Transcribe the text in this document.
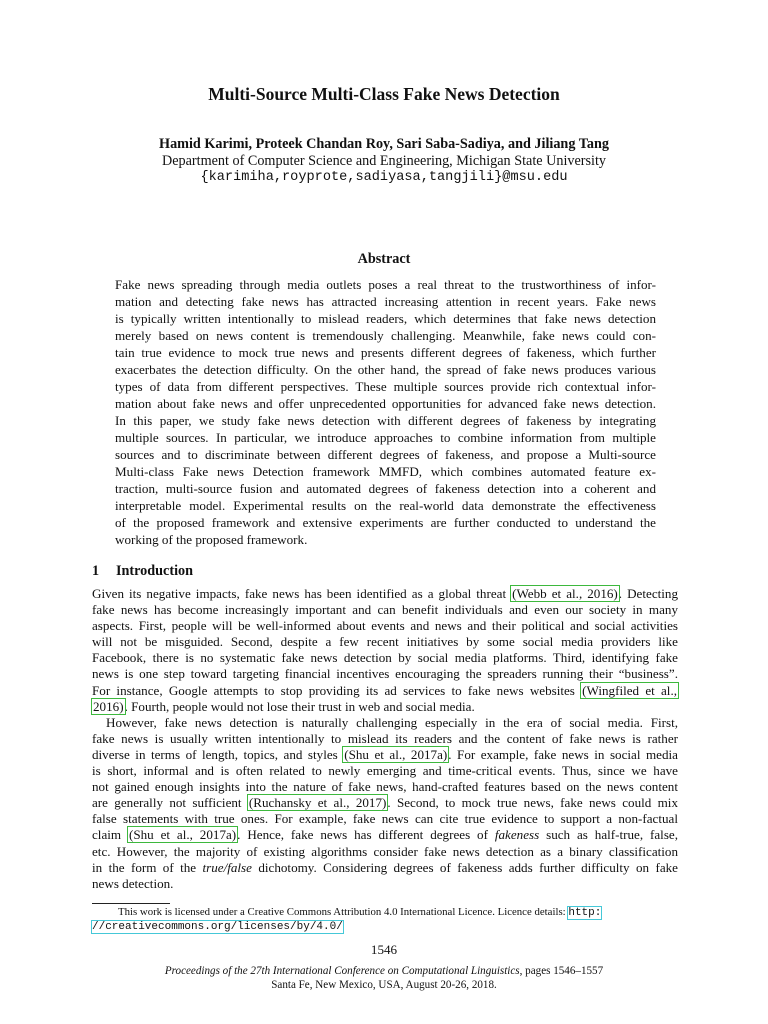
Multi-Source Multi-Class Fake News Detection
Hamid Karimi, Proteek Chandan Roy, Sari Saba-Sadiya, and Jiliang Tang
Department of Computer Science and Engineering, Michigan State University
{karimiha,royprote,sadiyasa,tangjili}@msu.edu
Abstract
Fake news spreading through media outlets poses a real threat to the trustworthiness of infor-
mation and detecting fake news has attracted increasing attention in recent years. Fake news
is typically written intentionally to mislead readers, which determines that fake news detection
merely based on news content is tremendously challenging. Meanwhile, fake news could con-
tain true evidence to mock true news and presents different degrees of fakeness, which further
exacerbates the detection difficulty. On the other hand, the spread of fake news produces various
types of data from different perspectives. These multiple sources provide rich contextual infor-
mation about fake news and offer unprecedented opportunities for advanced fake news detection.
In this paper, we study fake news detection with different degrees of fakeness by integrating
multiple sources. In particular, we introduce approaches to combine information from multiple
sources and to discriminate between different degrees of fakeness, and propose a Multi-source
Multi-class Fake news Detection framework MMFD, which combines automated feature ex-
traction, multi-source fusion and automated degrees of fakeness detection into a coherent and
interpretable model. Experimental results on the real-world data demonstrate the effectiveness
of the proposed framework and extensive experiments are further conducted to understand the
working of the proposed framework.
1 Introduction
Given its negative impacts, fake news has been identified as a global threat (Webb et al., 2016). Detecting
fake news has become increasingly important and can benefit individuals and even our society in many
aspects. First, people will be well-informed about events and news and their political and social activities
will not be misguided. Second, despite a few recent initiatives by some social media providers like
Facebook, there is no systematic fake news detection by social media platforms. Third, identifying fake
news is one step toward targeting financial incentives encouraging the spreaders running their “business”.
For instance, Google attempts to stop providing its ad services to fake news websites (Wingfiled et al.,
2016). Fourth, people would not lose their trust in web and social media.
However, fake news detection is naturally challenging especially in the era of social media. First,
fake news is usually written intentionally to mislead its readers and the content of fake news is rather
diverse in terms of length, topics, and styles (Shu et al., 2017a). For example, fake news in social media
is short, informal and is often related to newly emerging and time-critical events. Thus, since we have
not gained enough insights into the nature of fake news, hand-crafted features based on the news content
are generally not sufficient (Ruchansky et al., 2017). Second, to mock true news, fake news could mix
false statements with true ones. For example, fake news can cite true evidence to support a non-factual
claim (Shu et al., 2017a). Hence, fake news has different degrees of fakeness such as half-true, false,
etc. However, the majority of existing algorithms consider fake news detection as a binary classification
in the form of the true/false dichotomy. Considering degrees of fakeness adds further difficulty on fake
news detection.
This work is licensed under a Creative Commons Attribution 4.0 International Licence. Licence details: http:
//creativecommons.org/licenses/by/4.0/
1546
Proceedings of the 27th International Conference on Computational Linguistics, pages 1546–1557
Santa Fe, New Mexico, USA, August 20-26, 2018.
